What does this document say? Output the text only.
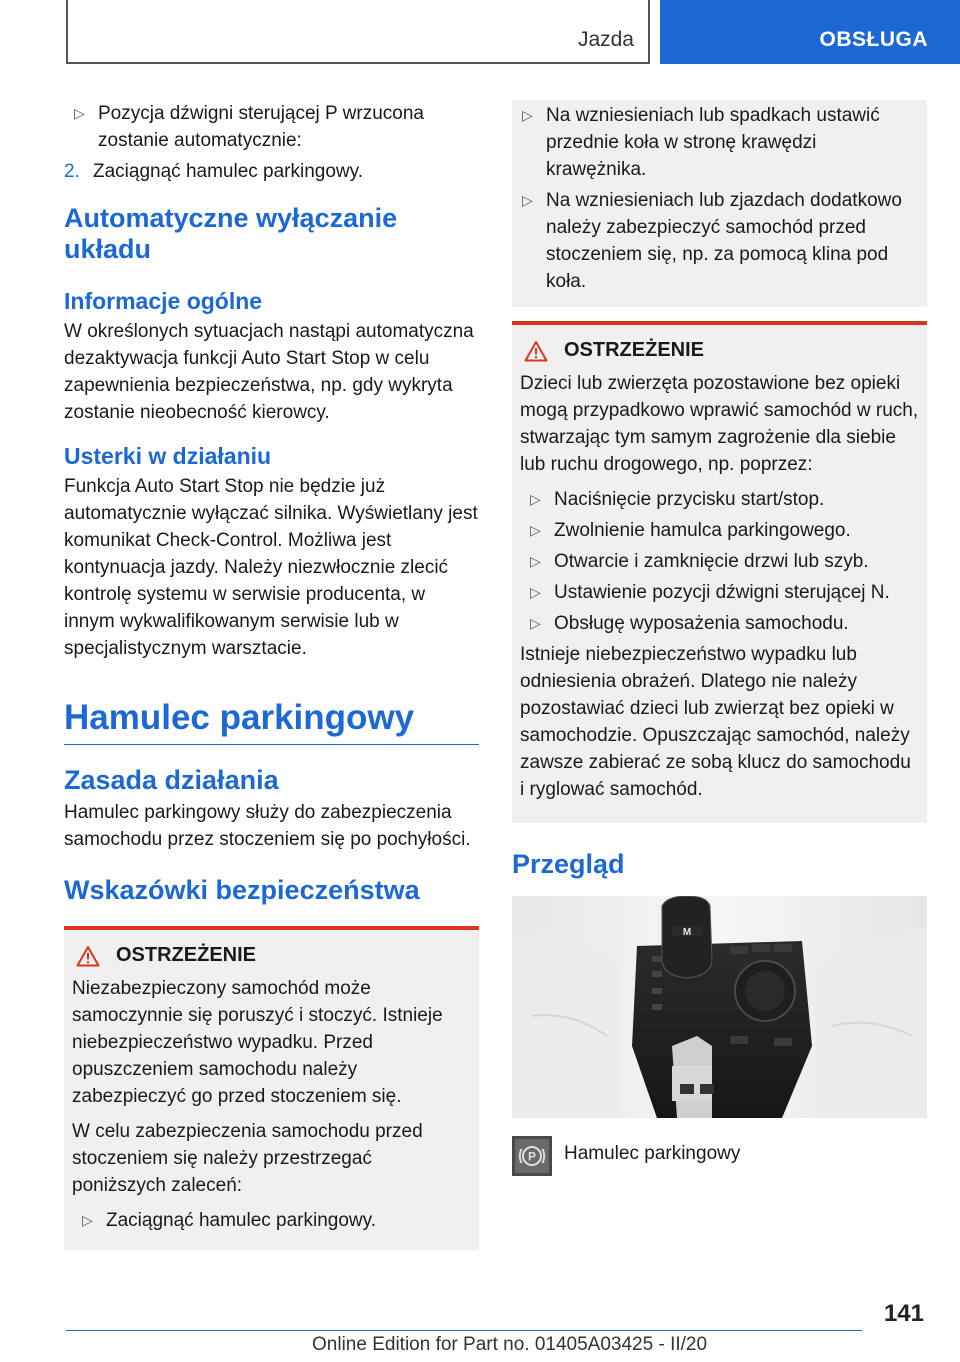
Jazda	OBSŁUGA
▷ Pozycja dźwigni sterującej P wrzucona zostanie automatycznie:
2. Zaciągnąć hamulec parkingowy.
Automatyczne wyłączanie układu
Informacje ogólne
W określonych sytuacjach nastąpi automatyczna dezaktywacja funkcji Auto Start Stop w celu zapewnienia bezpieczeństwa, np. gdy wykryta zostanie nieobecność kierowcy.
Usterki w działaniu
Funkcja Auto Start Stop nie będzie już automatycznie wyłączać silnika. Wyświetlany jest komunikat Check-Control. Możliwa jest kontynuacja jazdy. Należy niezwłocznie zlecić kontrolę systemu w serwisie producenta, w innym wykwalifikowanym serwisie lub w specjalistycznym warsztacie.
Hamulec parkingowy
Zasada działania
Hamulec parkingowy służy do zabezpieczenia samochodu przez stoczeniem się po pochyłości.
Wskazówki bezpieczeństwa
OSTRZEŻENIE
Niezabezpieczony samochód może samoczynnie się poruszyć i stoczyć. Istnieje niebezpieczeństwo wypadku. Przed opuszczeniem samochodu należy zabezpieczyć go przed stoczeniem się.
W celu zabezpieczenia samochodu przed stoczeniem się należy przestrzegać poniższych zaleceń:
▷ Zaciągnąć hamulec parkingowy.
▷ Na wzniesieniach lub spadkach ustawić przednie koła w stronę krawędzi krawężnika.
▷ Na wzniesieniach lub zjazdach dodatkowo należy zabezpieczyć samochód przed stoczeniem się, np. za pomocą klina pod koła.
OSTRZEŻENIE
Dzieci lub zwierzęta pozostawione bez opieki mogą przypadkowo wprawić samochód w ruch, stwarzając tym samym zagrożenie dla siebie lub ruchu drogowego, np. poprzez:
▷ Naciśnięcie przycisku start/stop.
▷ Zwolnienie hamulca parkingowego.
▷ Otwarcie i zamknięcie drzwi lub szyb.
▷ Ustawienie pozycji dźwigni sterującej N.
▷ Obsługę wyposażenia samochodu.
Istnieje niebezpieczeństwo wypadku lub odniesienia obrażeń. Dlatego nie należy pozostawiać dzieci lub zwierząt bez opieki w samochodzie. Opuszczając samochód, należy zawsze zabierać ze sobą klucz do samochodu i ryglować samochód.
Przegląd
M
P Hamulec parkingowy
141
Online Edition for Part no. 01405A03425 - II/20
